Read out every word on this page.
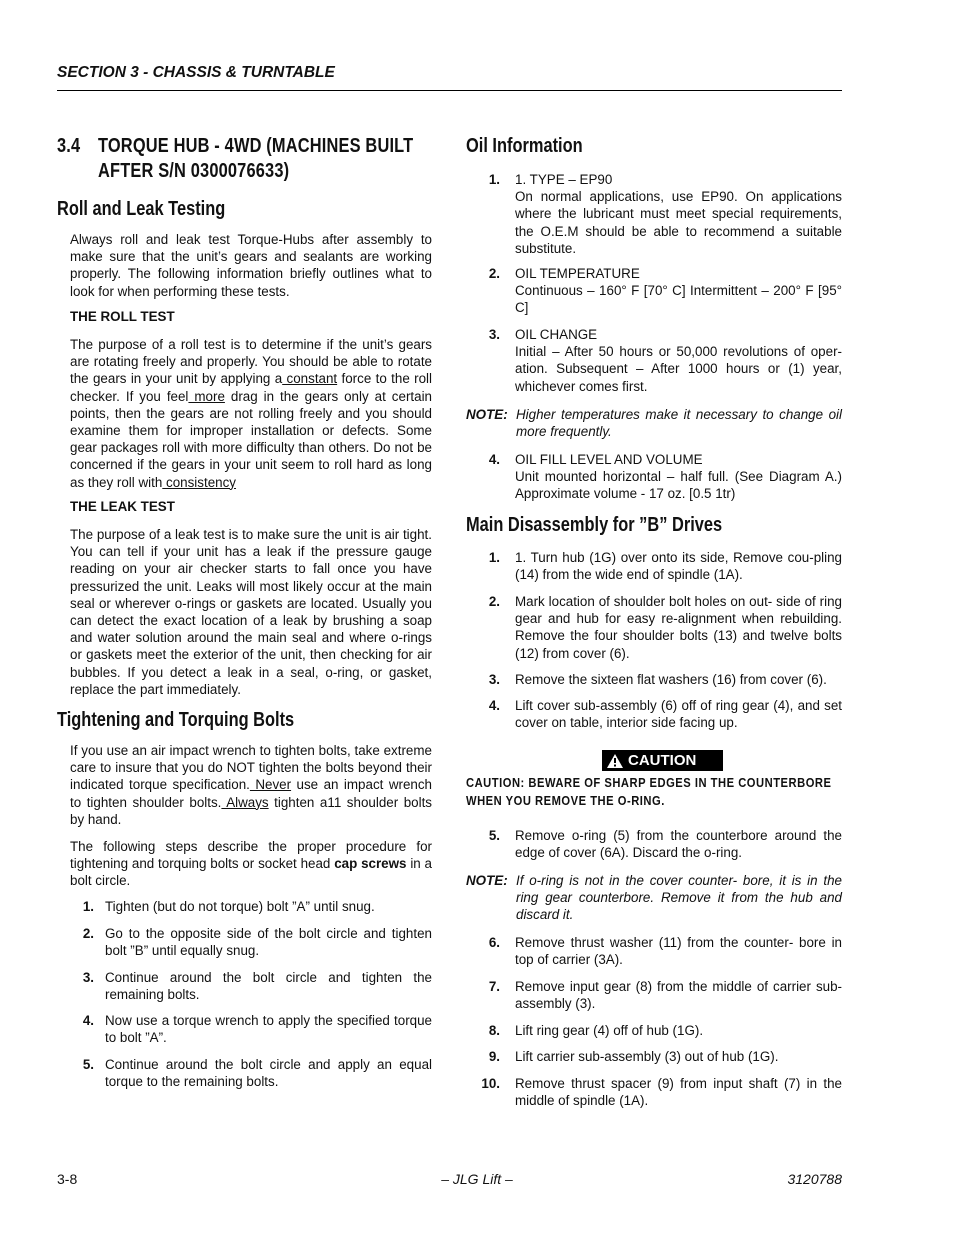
SECTION 3 - CHASSIS & TURNTABLE
3.4 TORQUE HUB - 4WD (MACHINES BUILT
AFTER S/N 0300076633)
Roll and Leak Testing
Always roll and leak test Torque-Hubs after assembly to make sure that the unit’s gears and sealants are working properly. The following information briefly outlines what to look for when performing these tests.
THE ROLL TEST
The purpose of a roll test is to determine if the unit’s gears are rotating freely and properly. You should be able to rotate the gears in your unit by applying a constant force to the roll checker. If you feel more drag in the gears only at certain points, then the gears are not rolling freely and you should examine them for improper installation or defects. Some gear packages roll with more difficulty than others. Do not be concerned if the gears in your unit seem to roll hard as long as they roll with consistency
THE LEAK TEST
The purpose of a leak test is to make sure the unit is air tight. You can tell if your unit has a leak if the pressure gauge reading on your air checker starts to fall once you have pressurized the unit. Leaks will most likely occur at the main seal or wherever o-rings or gaskets are located. Usually you can detect the exact location of a leak by brushing a soap and water solution around the main seal and where o-rings or gaskets meet the exterior of the unit, then checking for air bubbles. If you detect a leak in a seal, o-ring, or gasket, replace the part immediately.
Tightening and Torquing Bolts
If you use an air impact wrench to tighten bolts, take extreme care to insure that you do NOT tighten the bolts beyond their indicated torque specification. Never use an impact wrench to tighten shoulder bolts. Always tighten a11 shoulder bolts by hand.
The following steps describe the proper procedure for tightening and torquing bolts or socket head cap screws in a bolt circle.
1. Tighten (but do not torque) bolt ”A” until snug.
2. Go to the opposite side of the bolt circle and tighten bolt ”B” until equally snug.
3. Continue around the bolt circle and tighten the remaining bolts.
4. Now use a torque wrench to apply the specified torque to bolt ”A”.
5. Continue around the bolt circle and apply an equal torque to the remaining bolts.
Oil Information
1. 1. TYPE – EP90
On normal applications, use EP90. On applications where the lubricant must meet special requirements, the O.E.M should be able to recommend a suitable substitute.
2. OIL TEMPERATURE
Continuous – 160° F [70° C] Intermittent – 200° F [95° C]
3. OIL CHANGE
Initial – After 50 hours or 50,000 revolutions of oper-ation. Subsequent – After 1000 hours or (1) year, whichever comes first.
NOTE: Higher temperatures make it necessary to change oil more frequently.
4. OIL FILL LEVEL AND VOLUME
Unit mounted horizontal – half full. (See Diagram A.) Approximate volume - 17 oz. [0.5 1tr)
Main Disassembly for ”B” Drives
1. 1. Turn hub (1G) over onto its side, Remove cou-pling (14) from the wide end of spindle (1A).
2. Mark location of shoulder bolt holes on out- side of ring gear and hub for easy re-alignment when rebuilding. Remove the four shoulder bolts (13) and twelve bolts (12) from cover (6).
3. Remove the sixteen flat washers (16) from cover (6).
4. Lift cover sub-assembly (6) off of ring gear (4), and set cover on table, interior side facing up.
CAUTION
CAUTION: BEWARE OF SHARP EDGES IN THE COUNTERBORE
WHEN YOU REMOVE THE O-RING.
5. Remove o-ring (5) from the counterbore around the edge of cover (6A). Discard the o-ring.
NOTE: If o-ring is not in the cover counter- bore, it is in the ring gear counterbore. Remove it from the hub and discard it.
6. Remove thrust washer (11) from the counter- bore in top of carrier (3A).
7. Remove input gear (8) from the middle of carrier sub-assembly (3).
8. Lift ring gear (4) off of hub (1G).
9. Lift carrier sub-assembly (3) out of hub (1G).
10. Remove thrust spacer (9) from input shaft (7) in the middle of spindle (1A).
3-8	– JLG Lift –	3120788
